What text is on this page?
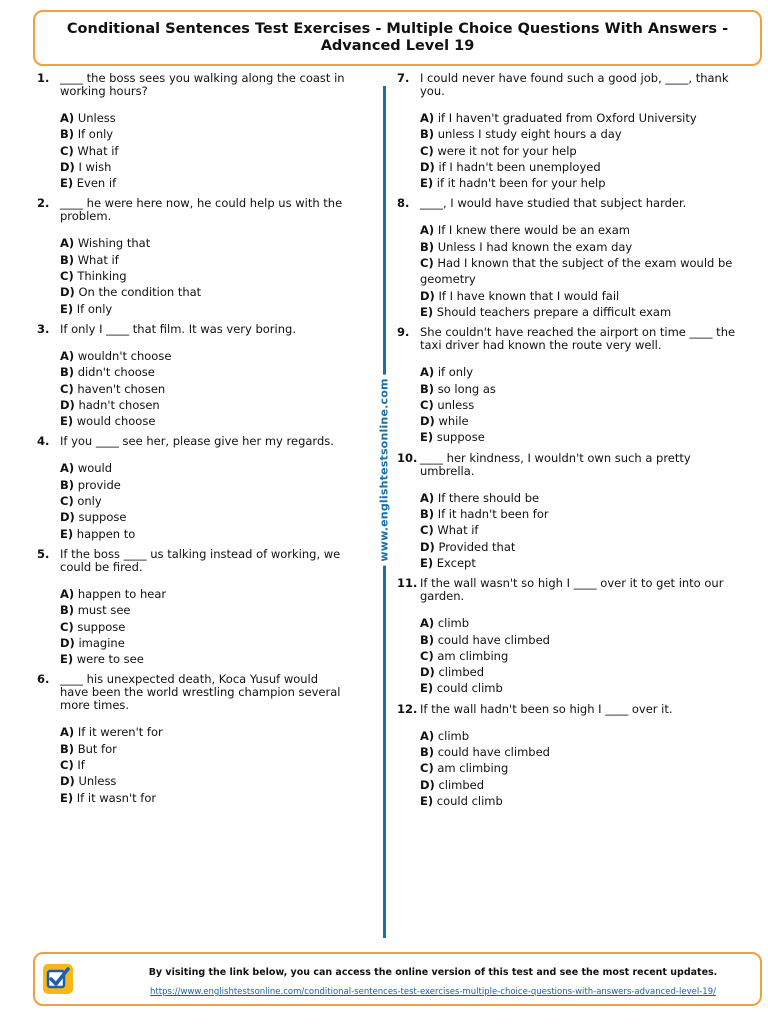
Conditional Sentences Test Exercises - Multiple Choice Questions With Answers - Advanced Level 19
1. ____ the boss sees you walking along the coast in working hours?
A) Unless
B) If only
C) What if
D) I wish
E) Even if
2. ____ he were here now, he could help us with the problem.
A) Wishing that
B) What if
C) Thinking
D) On the condition that
E) If only
3. If only I ____ that film. It was very boring.
A) wouldn't choose
B) didn't choose
C) haven't chosen
D) hadn't chosen
E) would choose
4. If you ____ see her, please give her my regards.
A) would
B) provide
C) only
D) suppose
E) happen to
5. If the boss ____ us talking instead of working, we could be fired.
A) happen to hear
B) must see
C) suppose
D) imagine
E) were to see
6. ____ his unexpected death, Koca Yusuf would have been the world wrestling champion several more times.
A) If it weren't for
B) But for
C) If
D) Unless
E) If it wasn't for
7. I could never have found such a good job, ____, thank you.
A) if I haven't graduated from Oxford University
B) unless I study eight hours a day
C) were it not for your help
D) if I hadn't been unemployed
E) if it hadn't been for your help
8. ____, I would have studied that subject harder.
A) If I knew there would be an exam
B) Unless I had known the exam day
C) Had I known that the subject of the exam would be geometry
D) If I have known that I would fail
E) Should teachers prepare a difficult exam
9. She couldn't have reached the airport on time ____ the taxi driver had known the route very well.
A) if only
B) so long as
C) unless
D) while
E) suppose
10. ____ her kindness, I wouldn't own such a pretty umbrella.
A) If there should be
B) If it hadn't been for
C) What if
D) Provided that
E) Except
11. If the wall wasn't so high I ____ over it to get into our garden.
A) climb
B) could have climbed
C) am climbing
D) climbed
E) could climb
12. If the wall hadn't been so high I ____ over it.
A) climb
B) could have climbed
C) am climbing
D) climbed
E) could climb
www.englishtestsonline.com
By visiting the link below, you can access the online version of this test and see the most recent updates.
https://www.englishtestsonline.com/conditional-sentences-test-exercises-multiple-choice-questions-with-answers-advanced-level-19/
